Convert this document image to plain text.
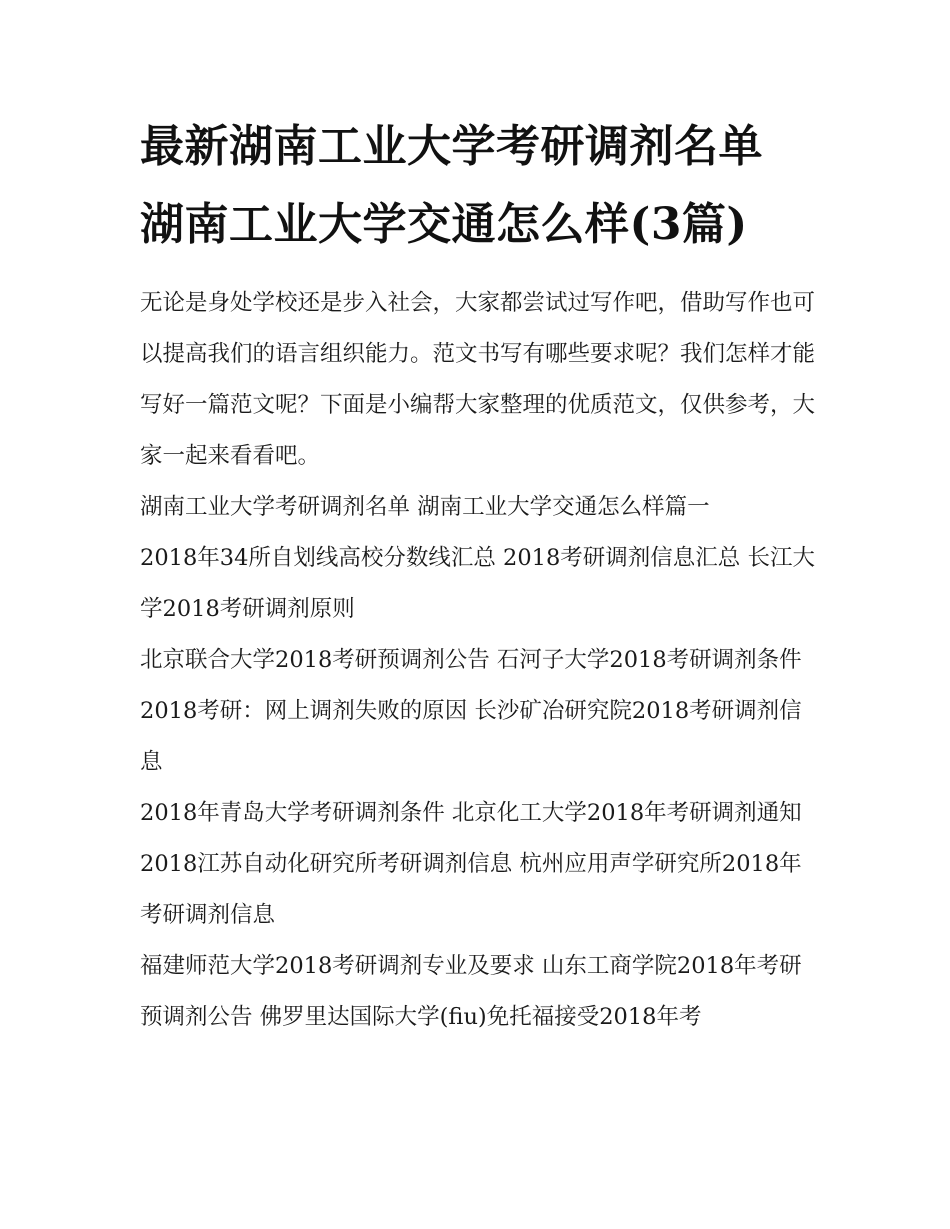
最新湖南工业大学考研调剂名单 湖南工业大学交通怎么样(3篇)

无论是身处学校还是步入社会，大家都尝试过写作吧，借助写作也可以提高我们的语言组织能力。范文书写有哪些要求呢？我们怎样才能写好一篇范文呢？下面是小编帮大家整理的优质范文，仅供参考，大家一起来看看吧。

湖南工业大学考研调剂名单 湖南工业大学交通怎么样篇一

2018年34所自划线高校分数线汇总 2018考研调剂信息汇总 长江大学2018考研调剂原则

北京联合大学2018考研预调剂公告 石河子大学2018考研调剂条件 2018考研：网上调剂失败的原因 长沙矿冶研究院2018考研调剂信息

2018年青岛大学考研调剂条件 北京化工大学2018年考研调剂通知 2018江苏自动化研究所考研调剂信息 杭州应用声学研究所2018年考研调剂信息

福建师范大学2018考研调剂专业及要求 山东工商学院2018年考研预调剂公告 佛罗里达国际大学(fiu)免托福接受2018年考
